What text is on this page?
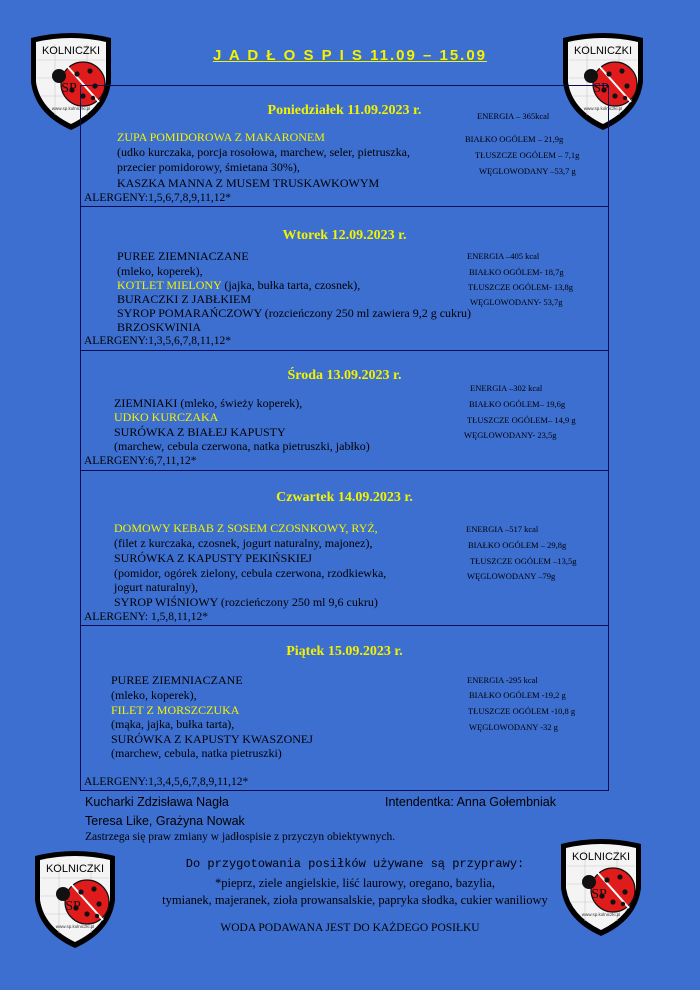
KOLNICZKI
SP
www.sp.kolniczki.pl
KOLNICZKI
SP
www.sp.kolniczki.pl
KOLNICZKI
SP
www.sp.kolniczki.pl
KOLNICZKI
SP
www.sp.kolniczki.pl
J A D Ł O S P I S 11.09 – 15.09
Poniedziałek 11.09.2023 r.
ZUPA POMIDOROWA Z MAKARONEM
(udko kurczaka, porcja rosołowa, marchew, seler, pietruszka,
przecier pomidorowy, śmietana 30%),
KASZKA MANNA Z MUSEM TRUSKAWKOWYM
ENERGIA – 365kcal
BIAŁKO OGÓLEM – 21,9g
TŁUSZCZE OGÓLEM – 7,1g
WĘGLOWODANY –53,7 g
ALERGENY:1,5,6,7,8,9,11,12*
Wtorek 12.09.2023 r.
PUREE ZIEMNIACZANE
(mleko, koperek),
KOTLET MIELONY (jajka, bułka tarta, czosnek),
BURACZKI Z JABŁKIEM
SYROP POMARAŃCZOWY (rozcieńczony 250 ml zawiera 9,2 g cukru)
BRZOSKWINIA
ENERGIA –405 kcal
BIAŁKO OGÓLEM- 18,7g
TŁUSZCZE OGÓLEM- 13,8g
WĘGLOWODANY- 53,7g
ALERGENY:1,3,5,6,7,8,11,12*
Środa 13.09.2023 r.
ZIEMNIAKI (mleko, świeży koperek),
UDKO KURCZAKA
SURÓWKA Z BIAŁEJ KAPUSTY
(marchew, cebula czerwona, natka pietruszki, jabłko)
ENERGIA –302 kcal
BIAŁKO OGÓLEM– 19,6g
TŁUSZCZE OGÓLEM– 14,9 g
WĘGLOWODANY- 23,5g
ALERGENY:6,7,11,12*
Czwartek 14.09.2023 r.
DOMOWY KEBAB Z SOSEM CZOSNKOWY, RYŻ,
(filet z kurczaka, czosnek, jogurt naturalny, majonez),
SURÓWKA Z KAPUSTY PEKIŃSKIEJ
(pomidor, ogórek zielony, cebula czerwona, rzodkiewka,
jogurt naturalny),
SYROP WIŚNIOWY (rozcieńczony 250 ml 9,6 cukru)
ENERGIA –517 kcal
BIAŁKO OGÓLEM – 29,8g
TŁUSZCZE OGÓLEM –13,5g
WĘGLOWODANY –79g
ALERGENY: 1,5,8,11,12*
Piątek 15.09.2023 r.
PUREE ZIEMNIACZANE
(mleko, koperek),
FILET Z MORSZCZUKA
(mąka, jajka, bułka tarta),
SURÓWKA Z KAPUSTY KWASZONEJ
(marchew, cebula, natka pietruszki)
ENERGIA -295 kcal
BIAŁKO OGÓLEM -19,2 g
TŁUSZCZE OGÓLEM -10,8 g
WĘGLOWODANY -32 g
ALERGENY:1,3,4,5,6,7,8,9,11,12*
Kucharki Zdzisława Nagła
Teresa Like, Grażyna Nowak
Intendentka: Anna Gołembniak
Zastrzega się praw zmiany w jadłospisie z przyczyn obiektywnych.
Do przygotowania posiłków używane są przyprawy:
*pieprz, ziele angielskie, liść laurowy, oregano, bazylia,
tymianek, majeranek, zioła prowansalskie, papryka słodka, cukier waniliowy
WODA PODAWANA JEST DO KAŻDEGO POSIŁKU
